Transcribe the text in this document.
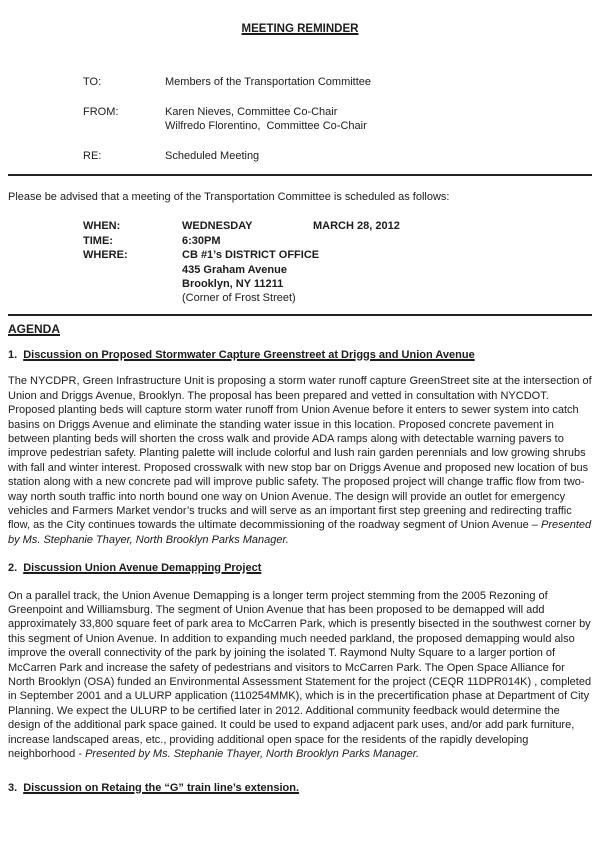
MEETING REMINDER
TO:	Members of the Transportation Committee
FROM:	Karen Nieves, Committee Co-Chair
Wilfredo Florentino,  Committee Co-Chair
RE:	Scheduled Meeting

Please be advised that a meeting of the Transportation Committee is scheduled as follows:

WHEN:	WEDNESDAY	MARCH 28, 2012
TIME:	6:30PM
WHERE:	CB #1’s DISTRICT OFFICE
435 Graham Avenue
Brooklyn, NY 11211
(Corner of Frost Street)
AGENDA
1. Discussion on Proposed Stormwater Capture Greenstreet at Driggs and Union Avenue

The NYCDPR, Green Infrastructure Unit is proposing a storm water runoff capture GreenStreet site at the intersection of Union and Driggs Avenue, Brooklyn. The proposal has been prepared and vetted in consultation with NYCDOT. Proposed planting beds will capture storm water runoff from Union Avenue before it enters to sewer system into catch basins on Driggs Avenue and eliminate the standing water issue in this location. Proposed concrete pavement in between planting beds will shorten the cross walk and provide ADA ramps along with detectable warning pavers to improve pedestrian safety. Planting palette will include colorful and lush rain garden perennials and low growing shrubs with fall and winter interest. Proposed crosswalk with new stop bar on Driggs Avenue and proposed new location of bus station along with a new concrete pad will improve public safety. The proposed project will change traffic flow from two-way north south traffic into north bound one way on Union Avenue. The design will provide an outlet for emergency vehicles and Farmers Market vendor’s trucks and will serve as an important first step greening and redirecting traffic flow, as the City continues towards the ultimate decommissioning of the roadway segment of Union Avenue – Presented by Ms. Stephanie Thayer, North Brooklyn Parks Manager.

2. Discussion Union Avenue Demapping Project

On a parallel track, the Union Avenue Demapping is a longer term project stemming from the 2005 Rezoning of Greenpoint and Williamsburg. The segment of Union Avenue that has been proposed to be demapped will add approximately 33,800 square feet of park area to McCarren Park, which is presently bisected in the southwest corner by this segment of Union Avenue. In addition to expanding much needed parkland, the proposed demapping would also improve the overall connectivity of the park by joining the isolated T. Raymond Nulty Square to a larger portion of McCarren Park and increase the safety of pedestrians and visitors to McCarren Park. The Open Space Alliance for North Brooklyn (OSA) funded an Environmental Assessment Statement for the project (CEQR 11DPR014K) , completed in September 2001 and a ULURP application (110254MMK), which is in the precertification phase at Department of City Planning. We expect the ULURP to be certified later in 2012. Additional community feedback would determine the design of the additional park space gained. It could be used to expand adjacent park uses, and/or add park furniture, increase landscaped areas, etc., providing additional open space for the residents of the rapidly developing neighborhood - Presented by Ms. Stephanie Thayer, North Brooklyn Parks Manager.

3. Discussion on Retaing the “G” train line’s extension.
